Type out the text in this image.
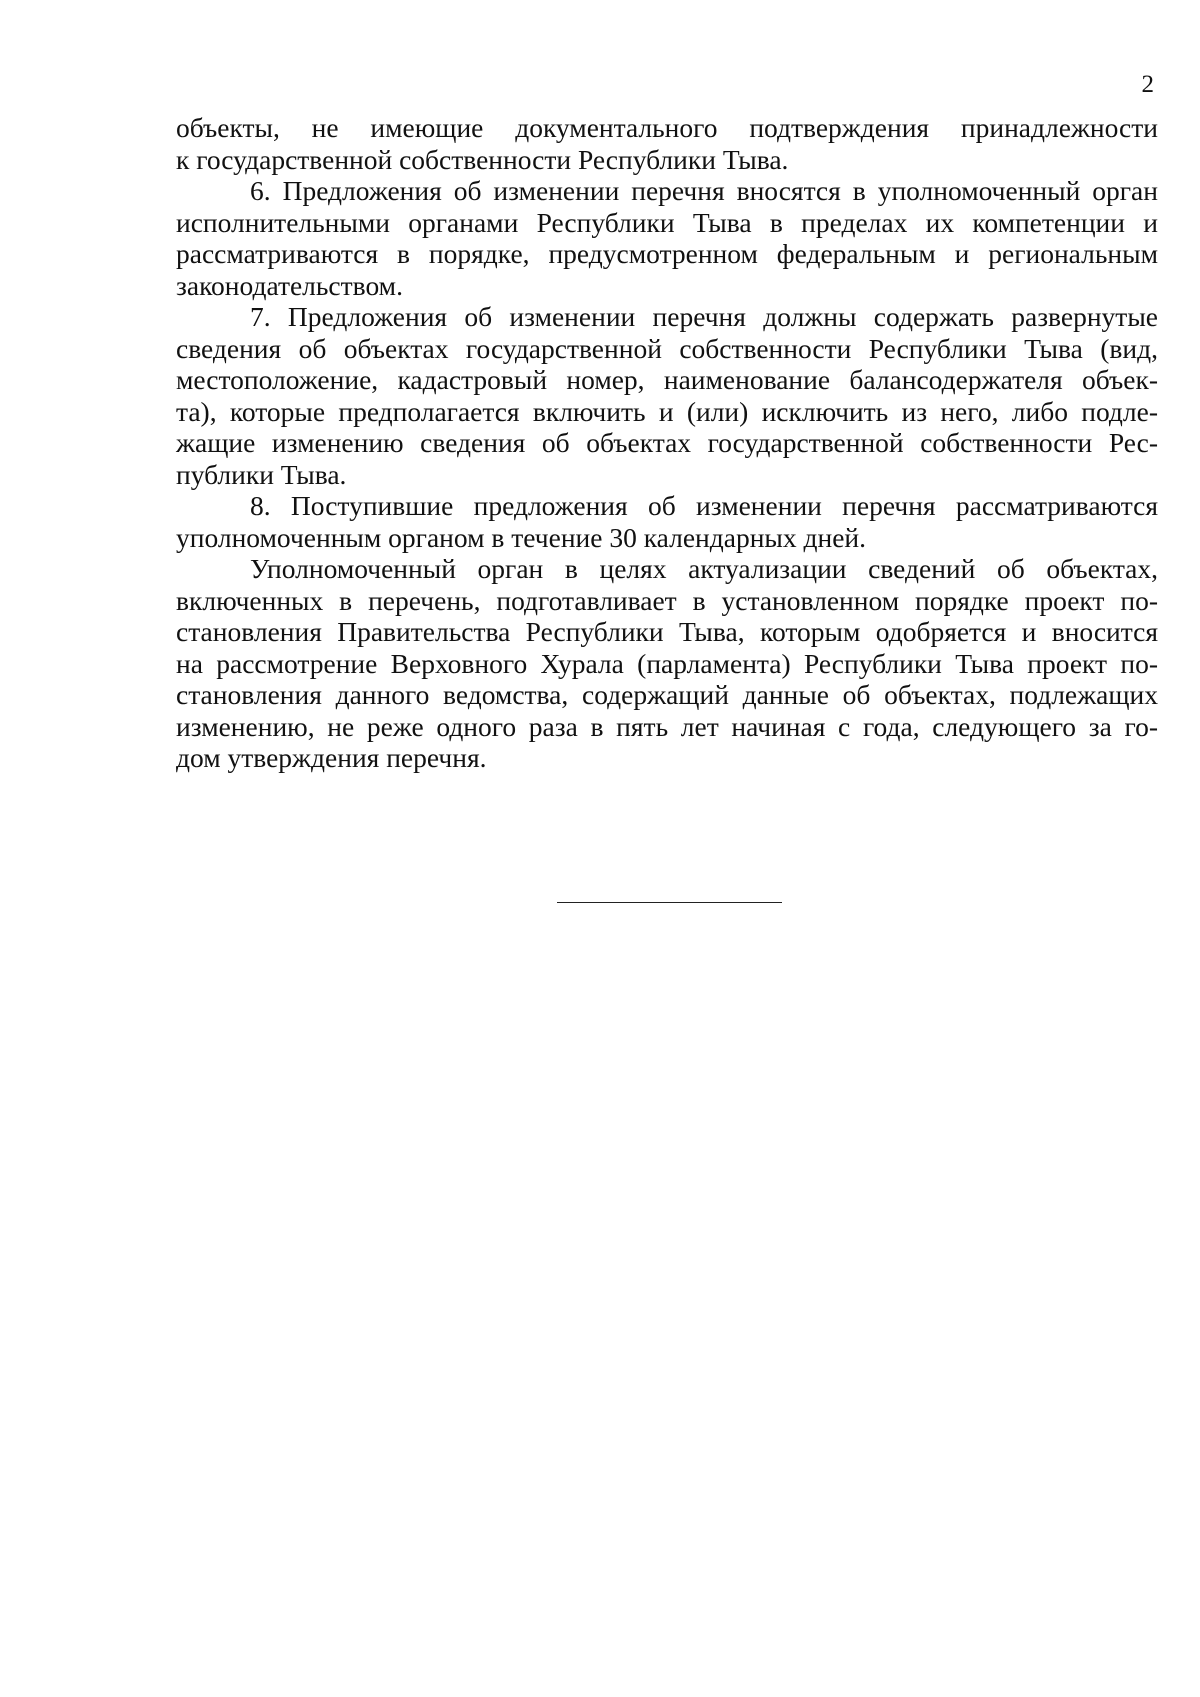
2
объекты, не имеющие документального подтверждения принадлежности
к государственной собственности Республики Тыва.
6. Предложения об изменении перечня вносятся в уполномоченный орган
исполнительными органами Республики Тыва в пределах их компетенции и
рассматриваются в порядке, предусмотренном федеральным и региональным
законодательством.
7. Предложения об изменении перечня должны содержать развернутые
сведения об объектах государственной собственности Республики Тыва (вид,
местоположение, кадастровый номер, наименование балансодержателя объек-
та), которые предполагается включить и (или) исключить из него, либо подле-
жащие изменению сведения об объектах государственной собственности Рес-
публики Тыва.
8. Поступившие предложения об изменении перечня рассматриваются
уполномоченным органом в течение 30 календарных дней.
Уполномоченный орган в целях актуализации сведений об объектах,
включенных в перечень, подготавливает в установленном порядке проект по-
становления Правительства Республики Тыва, которым одобряется и вносится
на рассмотрение Верховного Хурала (парламента) Республики Тыва проект по-
становления данного ведомства, содержащий данные об объектах, подлежащих
изменению, не реже одного раза в пять лет начиная с года, следующего за го-
дом утверждения перечня.
